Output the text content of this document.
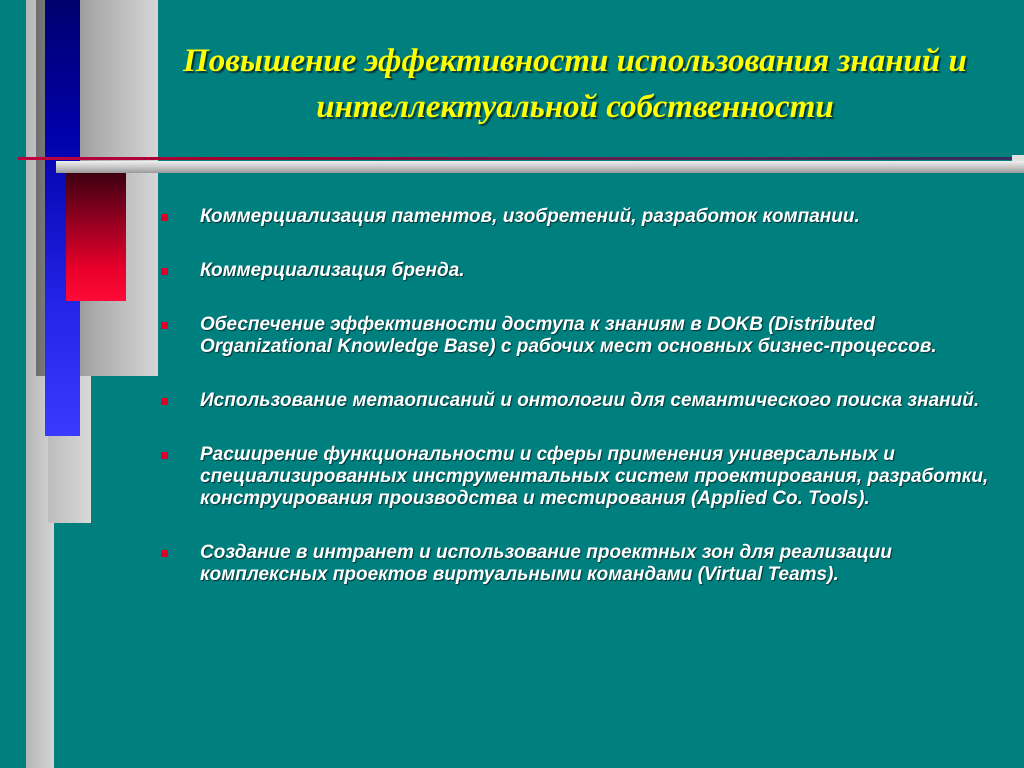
Повышение эффективности использования знаний и интеллектуальной собственности
Коммерциализация патентов, изобретений, разработок компании.
Коммерциализация бренда.
Обеспечение эффективности доступа к знаниям в DOKB (Distributed Organizational Knowledge Base) с рабочих мест основных бизнес-процессов.
Использование метаописаний и онтологии для семантического поиска знаний.
Расширение функциональности и сферы применения универсальных и специализированных инструментальных систем проектирования, разработки, конструирования производства и тестирования (Applied Co. Tools).
Создание в интранет и использование проектных зон для реализации комплексных проектов виртуальными командами (Virtual Teams).
